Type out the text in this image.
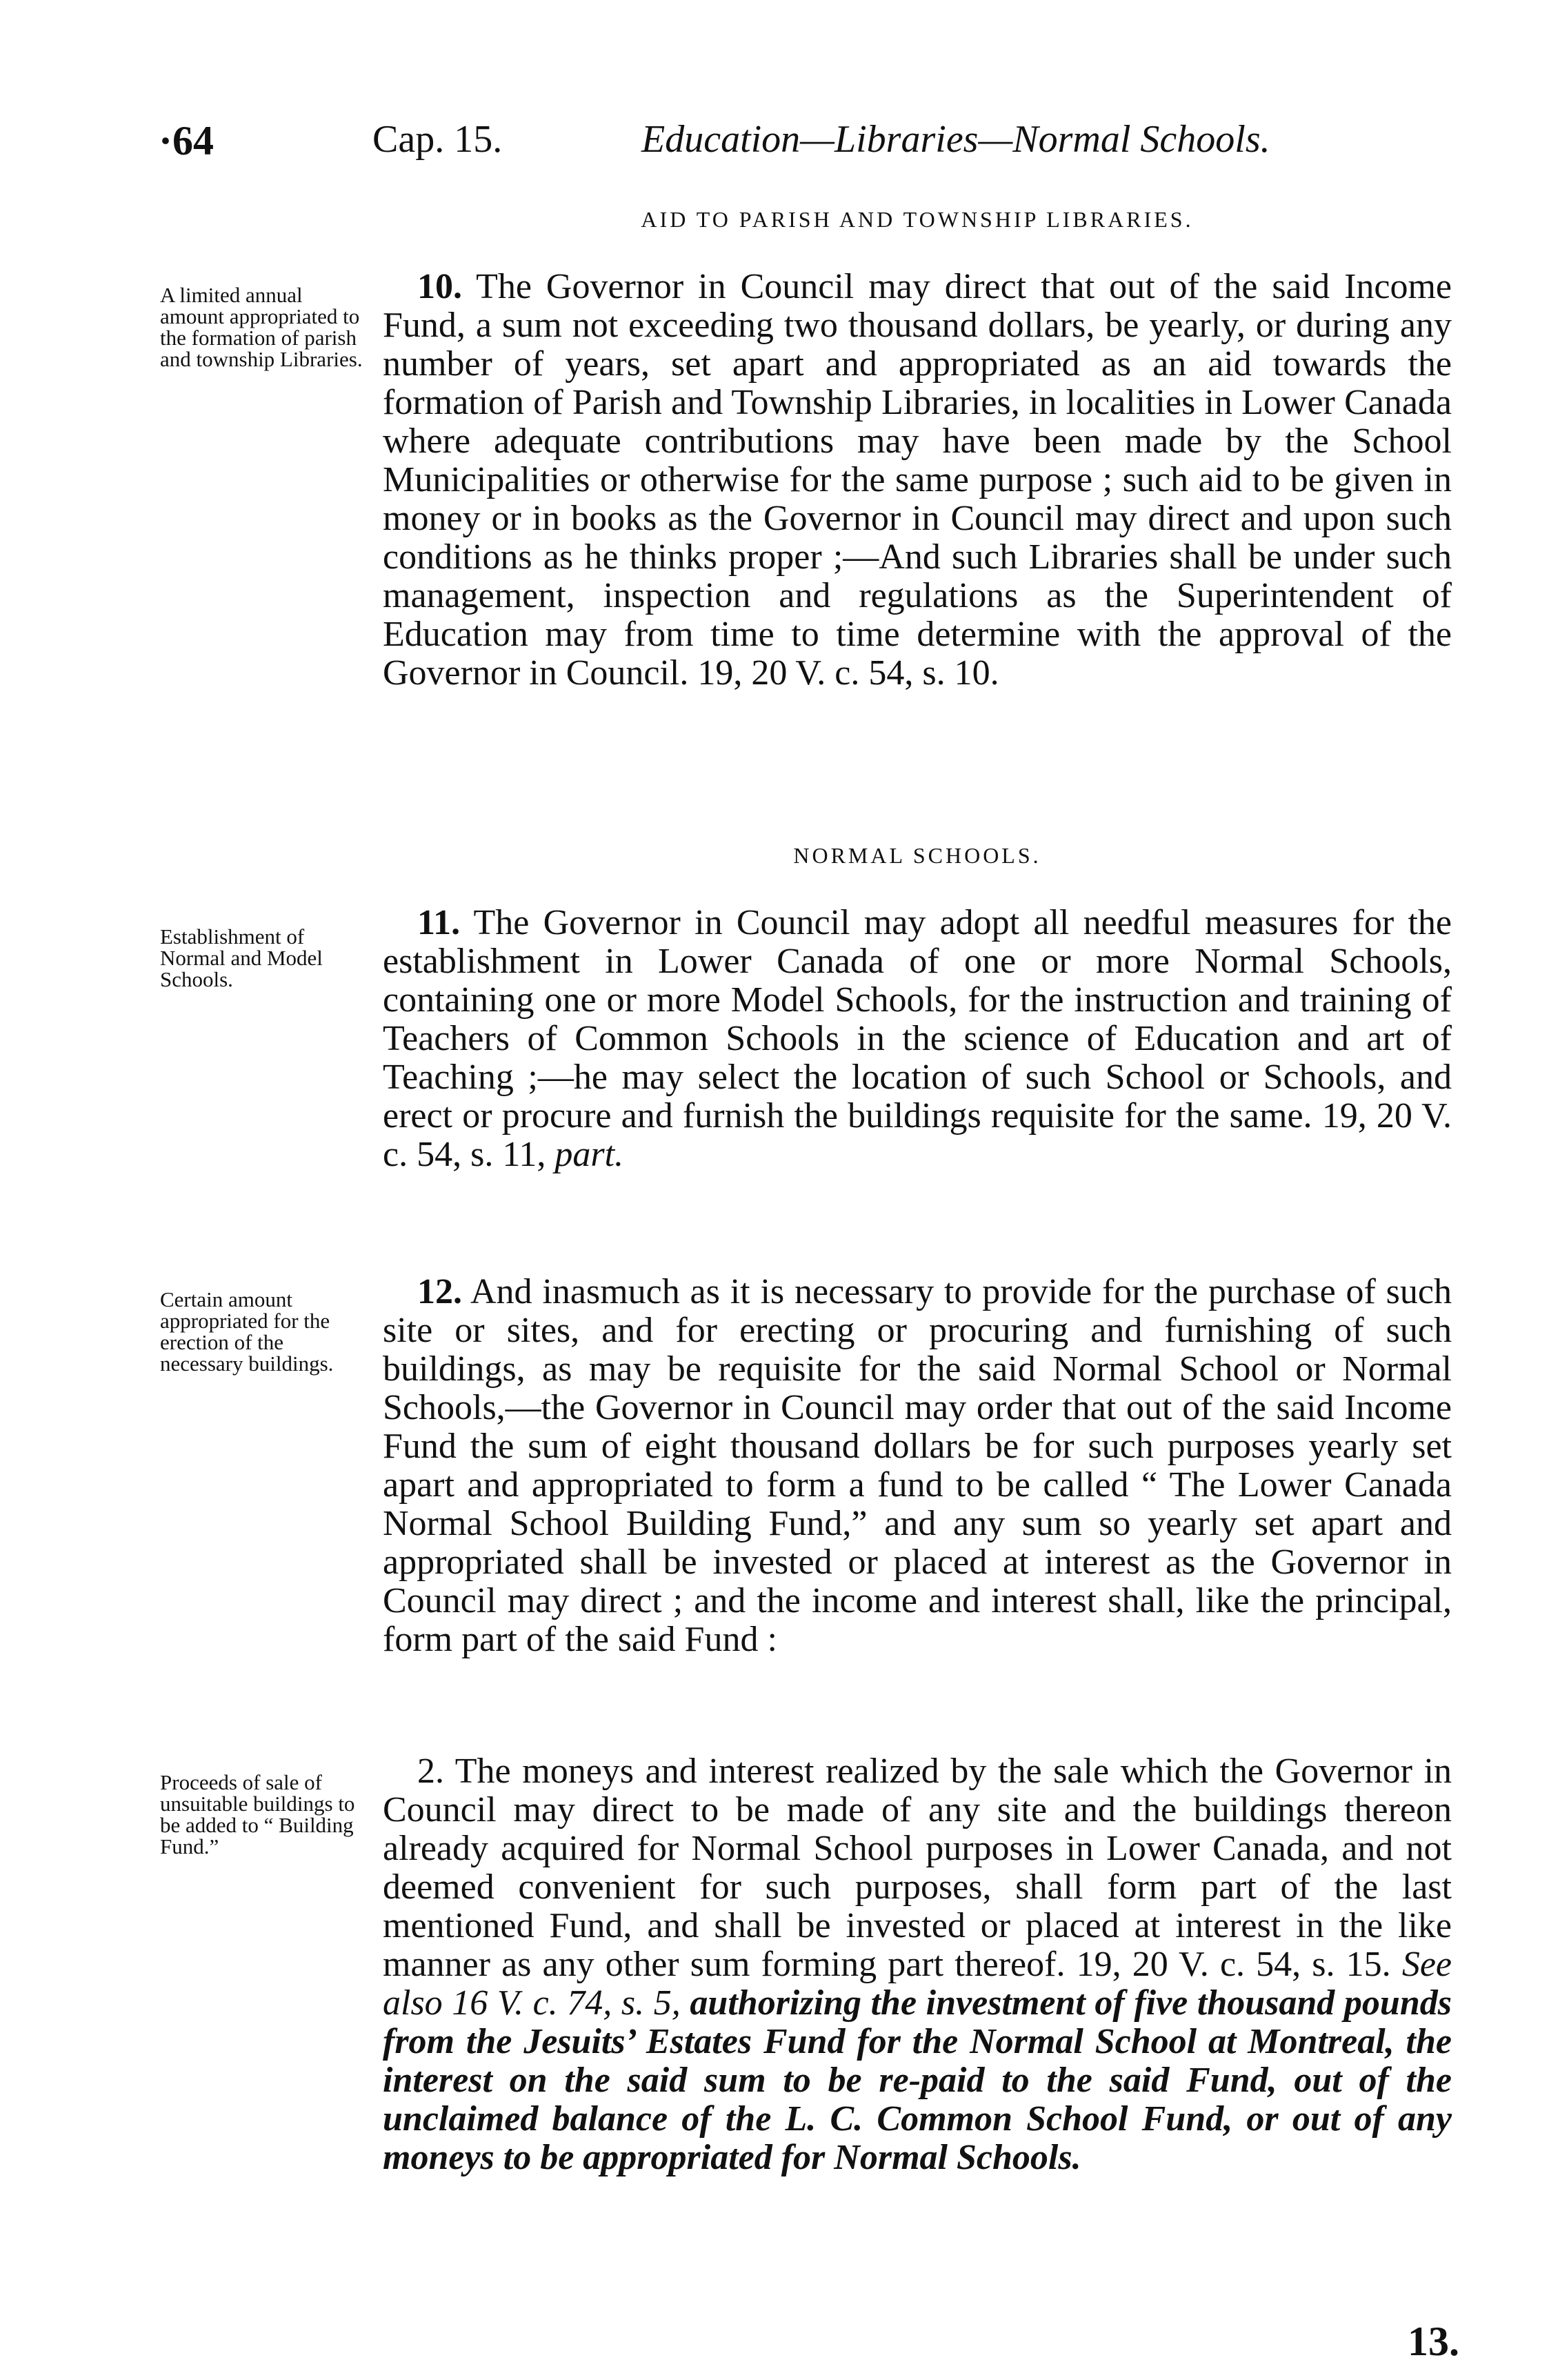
·64	Cap. 15.	Education—Libraries—Normal Schools.
AID TO PARISH AND TOWNSHIP LIBRARIES.
A limited annual amount appropriated to the formation of parish and township Libraries.
10. The Governor in Council may direct that out of the said Income Fund, a sum not exceeding two thousand dollars, be yearly, or during any number of years, set apart and appropriated as an aid towards the formation of Parish and Township Libraries, in localities in Lower Canada where adequate contributions may have been made by the School Municipalities or otherwise for the same purpose ; such aid to be given in money or in books as the Governor in Council may direct and upon such conditions as he thinks proper ;—And such Libraries shall be under such management, inspection and regulations as the Superintendent of Education may from time to time determine with the approval of the Governor in Council. 19, 20 V. c. 54, s. 10.
NORMAL SCHOOLS.
Establishment of Normal and Model Schools.
11. The Governor in Council may adopt all needful measures for the establishment in Lower Canada of one or more Normal Schools, containing one or more Model Schools, for the instruction and training of Teachers of Common Schools in the science of Education and art of Teaching ;—he may select the location of such School or Schools, and erect or procure and furnish the buildings requisite for the same. 19, 20 V. c. 54, s. 11, part.
Certain amount appropriated for the erection of the necessary buildings.
12. And inasmuch as it is necessary to provide for the purchase of such site or sites, and for erecting or procuring and furnishing of such buildings, as may be requisite for the said Normal School or Normal Schools,—the Governor in Council may order that out of the said Income Fund the sum of eight thousand dollars be for such purposes yearly set apart and appropriated to form a fund to be called “ The Lower Canada Normal School Building Fund,” and any sum so yearly set apart and appropriated shall be invested or placed at interest as the Governor in Council may direct ; and the income and interest shall, like the principal, form part of the said Fund :
Proceeds of sale of unsuitable buildings to be added to “ Building Fund.”
2. The moneys and interest realized by the sale which the Governor in Council may direct to be made of any site and the buildings thereon already acquired for Normal School purposes in Lower Canada, and not deemed convenient for such purposes, shall form part of the last mentioned Fund, and shall be invested or placed at interest in the like manner as any other sum forming part thereof. 19, 20 V. c. 54, s. 15. See also 16 V. c. 74, s. 5, authorizing the investment of five thousand pounds from the Jesuits’ Estates Fund for the Normal School at Montreal, the interest on the said sum to be re-paid to the said Fund, out of the unclaimed balance of the L. C. Common School Fund, or out of any moneys to be appropriated for Normal Schools.
13.
